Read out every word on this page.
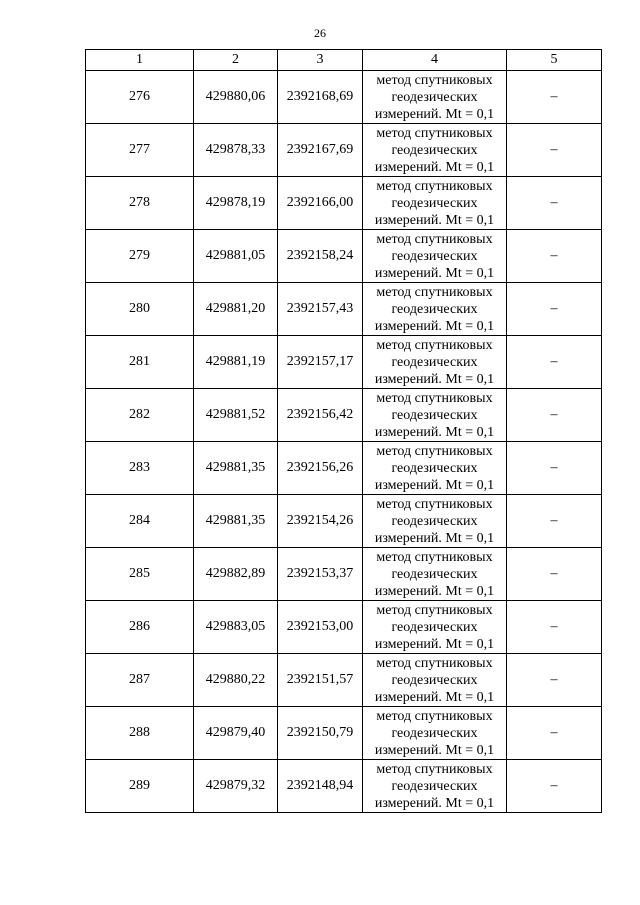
26
1	2	3	4	5
276	429880,06	2392168,69	метод спутниковых
геодезических
измерений. Mt = 0,1	–
277	429878,33	2392167,69	метод спутниковых
геодезических
измерений. Mt = 0,1	–
278	429878,19	2392166,00	метод спутниковых
геодезических
измерений. Mt = 0,1	–
279	429881,05	2392158,24	метод спутниковых
геодезических
измерений. Mt = 0,1	–
280	429881,20	2392157,43	метод спутниковых
геодезических
измерений. Mt = 0,1	–
281	429881,19	2392157,17	метод спутниковых
геодезических
измерений. Mt = 0,1	–
282	429881,52	2392156,42	метод спутниковых
геодезических
измерений. Mt = 0,1	–
283	429881,35	2392156,26	метод спутниковых
геодезических
измерений. Mt = 0,1	–
284	429881,35	2392154,26	метод спутниковых
геодезических
измерений. Mt = 0,1	–
285	429882,89	2392153,37	метод спутниковых
геодезических
измерений. Mt = 0,1	–
286	429883,05	2392153,00	метод спутниковых
геодезических
измерений. Mt = 0,1	–
287	429880,22	2392151,57	метод спутниковых
геодезических
измерений. Mt = 0,1	–
288	429879,40	2392150,79	метод спутниковых
геодезических
измерений. Mt = 0,1	–
289	429879,32	2392148,94	метод спутниковых
геодезических
измерений. Mt = 0,1	–
